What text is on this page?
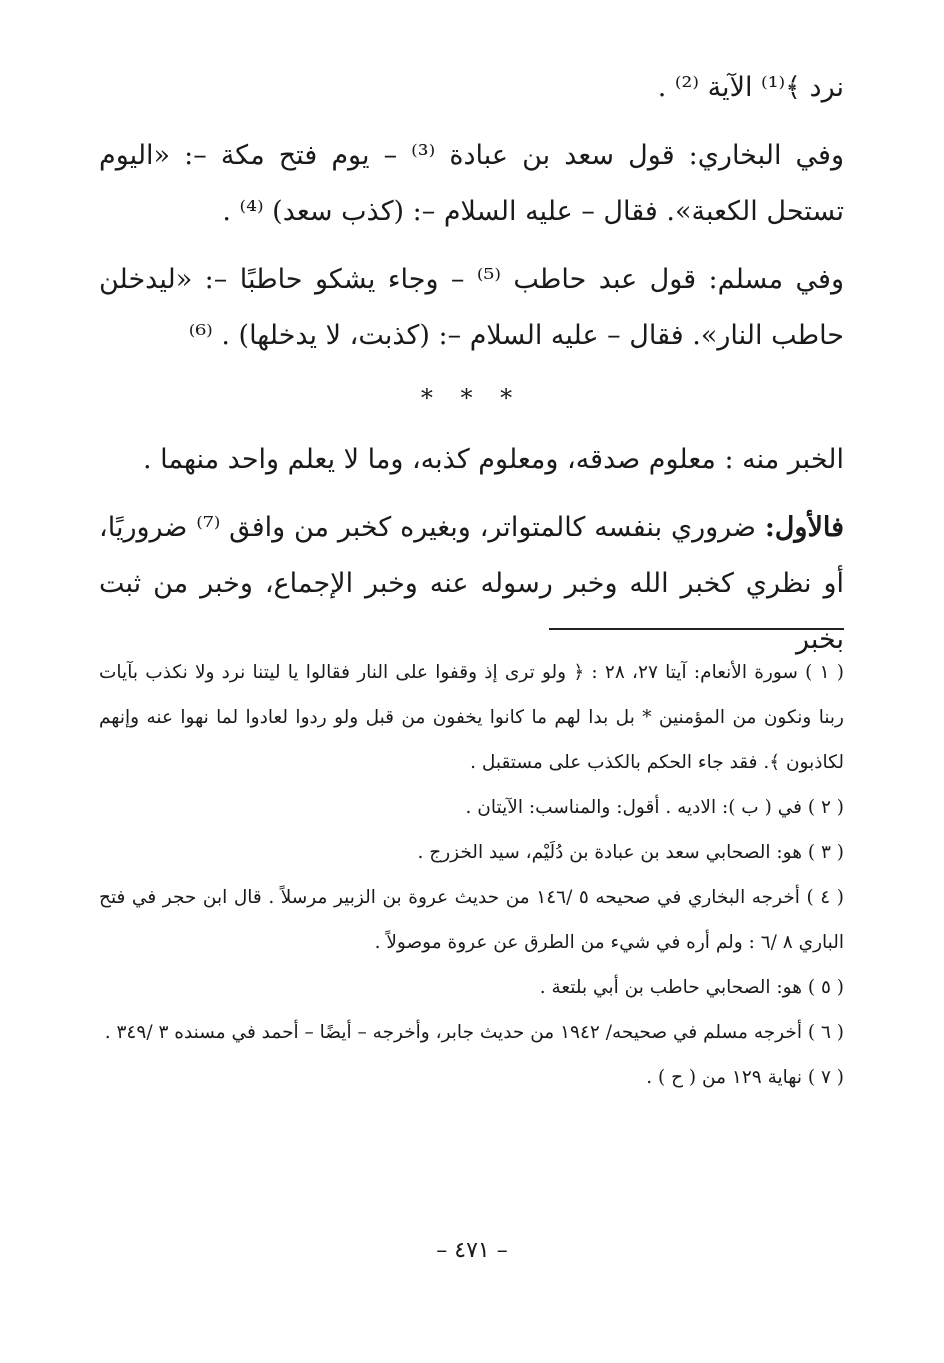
نرد ﴾⁽¹⁾ الآية ⁽²⁾ .

وفي البخاري: قول سعد بن عبادة ⁽³⁾ – يوم فتح مكة –: «اليوم تستحل الكعبة». فقال – عليه السلام –: (كذب سعد) ⁽⁴⁾ .

وفي مسلم: قول عبد حاطب ⁽⁵⁾ – وجاء يشكو حاطبًا –: «ليدخلن حاطب النار». فقال – عليه السلام –: (كذبت، لا يدخلها) . ⁽⁶⁾

* * *

الخبر منه : معلوم صدقه، ومعلوم كذبه، وما لا يعلم واحد منهما .

فالأول: ضروري بنفسه كالمتواتر، وبغيره كخبر من وافق ⁽⁷⁾ ضروريًا، أو نظري كخبر الله وخبر رسوله عنه وخبر الإجماع، وخبر من ثبت بخبر

( ١ ) سورة الأنعام: آيتا ٢٧، ٢٨ : ﴿ ولو ترى إذ وقفوا على النار فقالوا يا ليتنا نرد ولا نكذب بآيات ربنا ونكون من المؤمنين * بل بدا لهم ما كانوا يخفون من قبل ولو ردوا لعادوا لما نهوا عنه وإنهم لكاذبون ﴾. فقد جاء الحكم بالكذب على مستقبل .

( ٢ ) في ( ب ): الاديه . أقول: والمناسب: الآيتان .

( ٣ ) هو: الصحابي سعد بن عبادة بن دُلَيْم، سيد الخزرج .

( ٤ ) أخرجه البخاري في صحيحه ٥ /١٤٦ من حديث عروة بن الزبير مرسلاً . قال ابن حجر في فتح الباري ٨ /٦ : ولم أره في شيء من الطرق عن عروة موصولاً .

( ٥ ) هو: الصحابي حاطب بن أبي بلتعة .

( ٦ ) أخرجه مسلم في صحيحه/ ١٩٤٢ من حديث جابر، وأخرجه – أيضًا – أحمد في مسنده ٣ /٣٤٩ .

( ٧ ) نهاية ١٢٩ من ( ح ) .

– ٤٧١ –
